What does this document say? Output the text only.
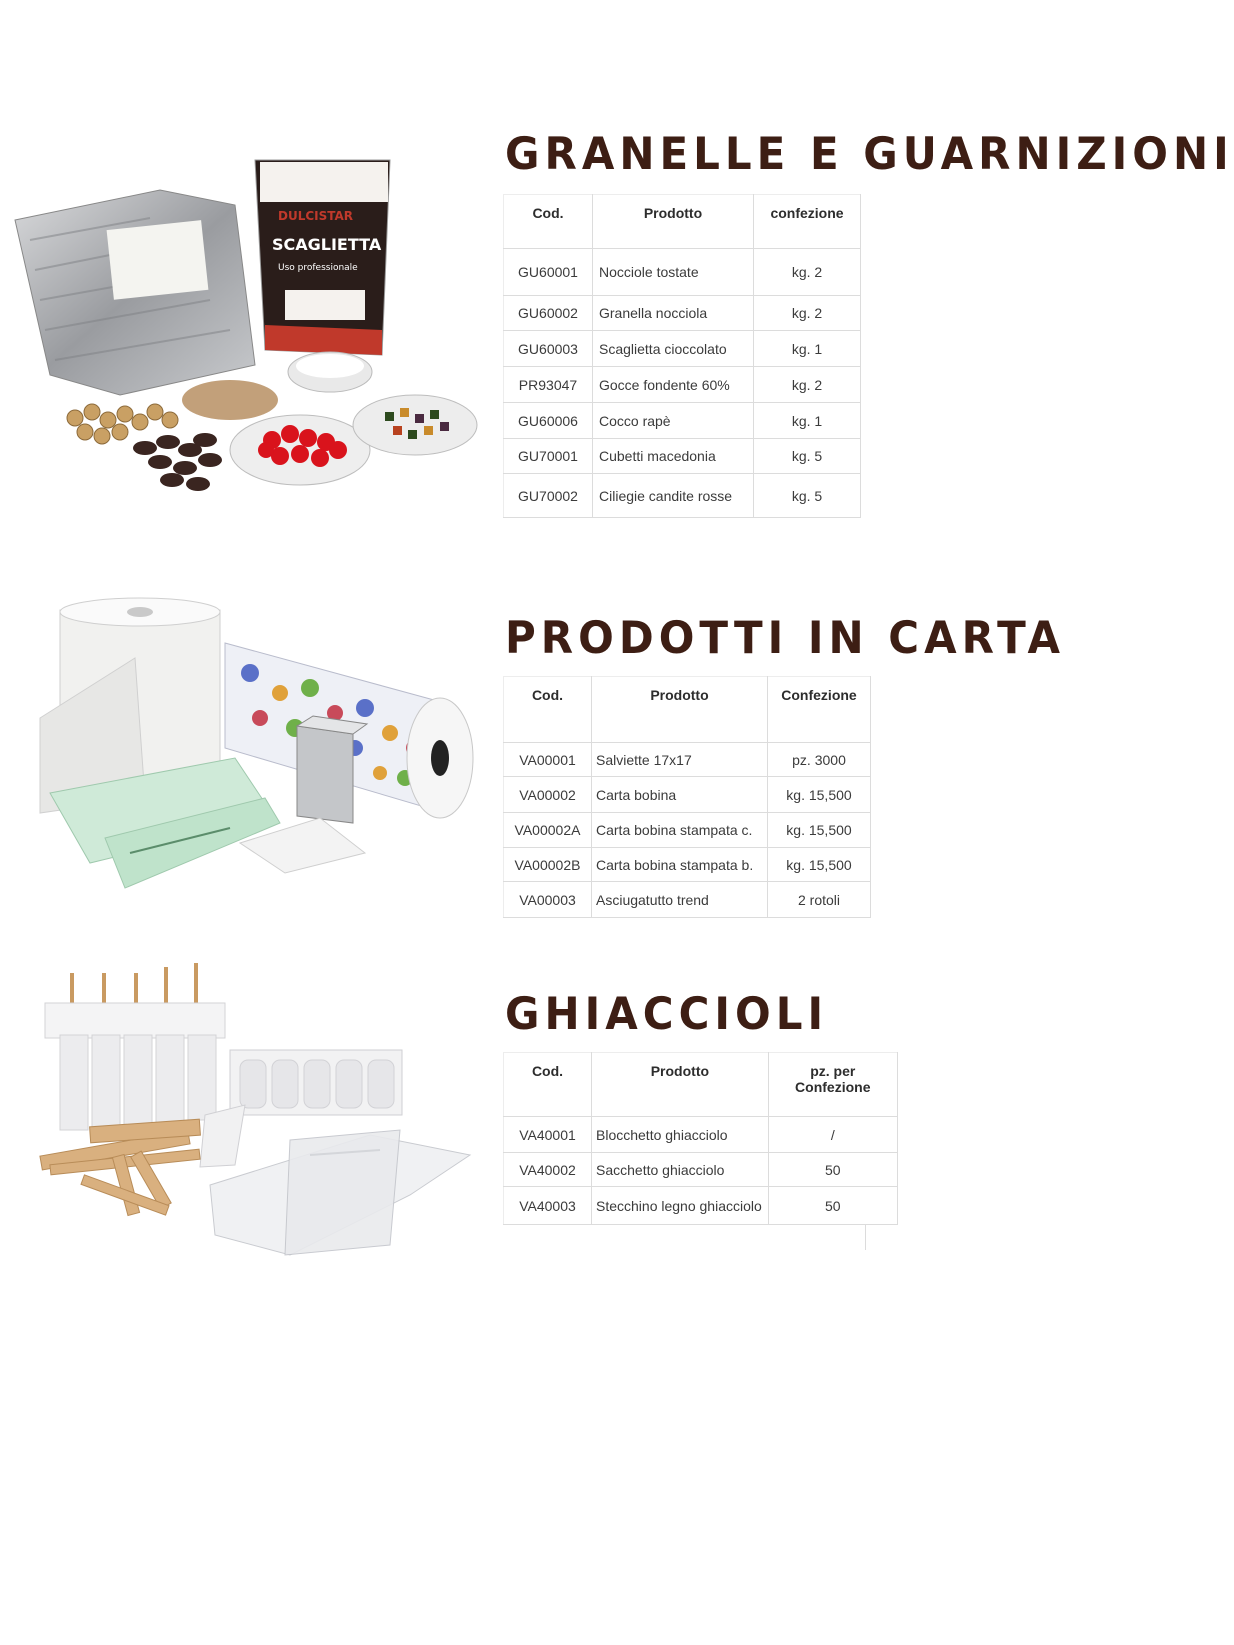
DULCISTAR
SCAGLIETTA
Uso professionale
GRANELLE E GUARNIZIONI
Cod.	Prodotto	confezione
GU60001	Nocciole tostate	kg. 2
GU60002	Granella nocciola	kg. 2
GU60003	Scaglietta cioccolato	kg. 1
PR93047	Gocce fondente 60%	kg. 2
GU60006	Cocco rapè	kg. 1
GU70001	Cubetti macedonia	kg. 5
GU70002	Ciliegie candite rosse	kg. 5
PRODOTTI IN CARTA
Cod.	Prodotto	Confezione
VA00001	Salviette 17x17	pz. 3000
VA00002	Carta bobina	kg. 15,500
VA00002A	Carta bobina stampata c.	kg. 15,500
VA00002B	Carta bobina stampata b.	kg. 15,500
VA00003	Asciugatutto trend	2 rotoli
GHIACCIOLI
Cod.	Prodotto	pz. per Confezione
VA40001	Blocchetto ghiacciolo	/
VA40002	Sacchetto ghiacciolo	50
VA40003	Stecchino legno ghiacciolo	50
